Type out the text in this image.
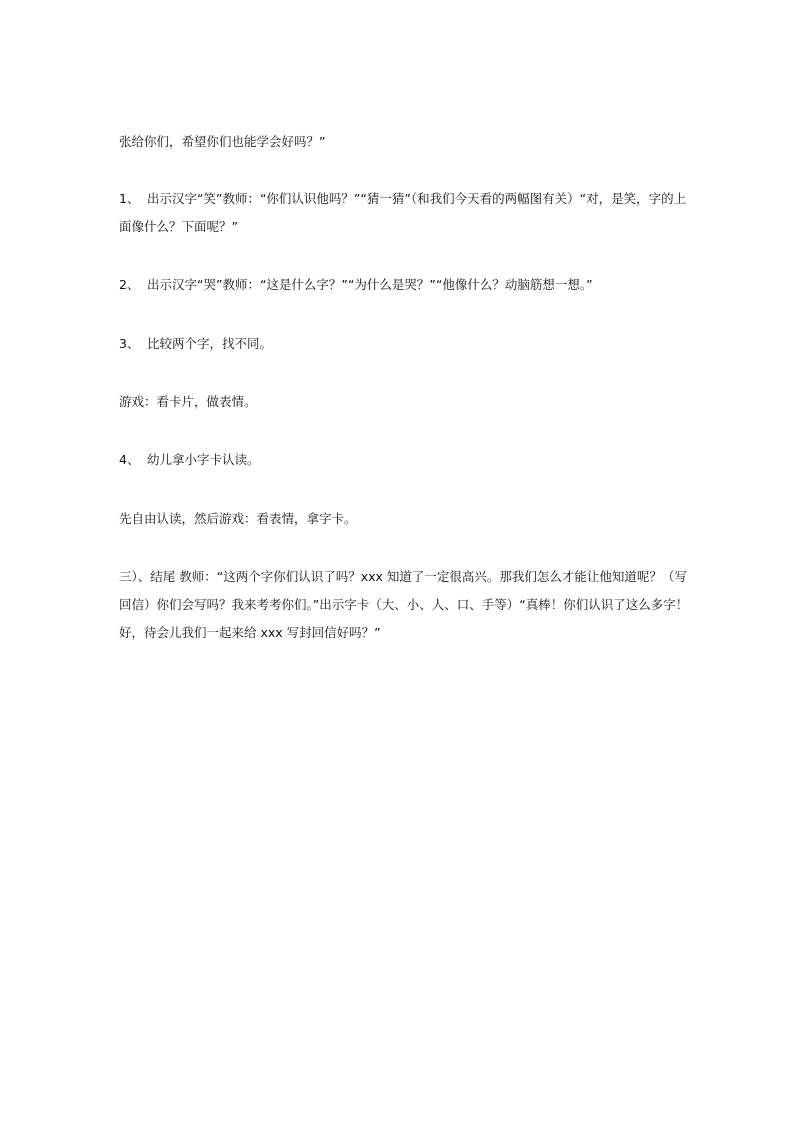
张给你们，希望你们也能学会好吗？”
1、 出示汉字“笑”教师：“你们认识他吗？”“猜一猜”（和我们今天看的两幅图有关）“对，是笑，字的上
面像什么？下面呢？”
2、 出示汉字“哭”教师：“这是什么字？”“为什么是哭？”“他像什么？动脑筋想一想。”
3、 比较两个字，找不同。
游戏：看卡片，做表情。
4、 幼儿拿小字卡认读。
先自由认读，然后游戏：看表情，拿字卡。
三）、结尾 教师：“这两个字你们认识了吗？xxx 知道了一定很高兴。那我们怎么才能让他知道呢？（写
回信）你们会写吗？我来考考你们。”出示字卡（大、小、人、口、手等）“真棒！你们认识了这么多字！
好，待会儿我们一起来给 xxx 写封回信好吗？”
